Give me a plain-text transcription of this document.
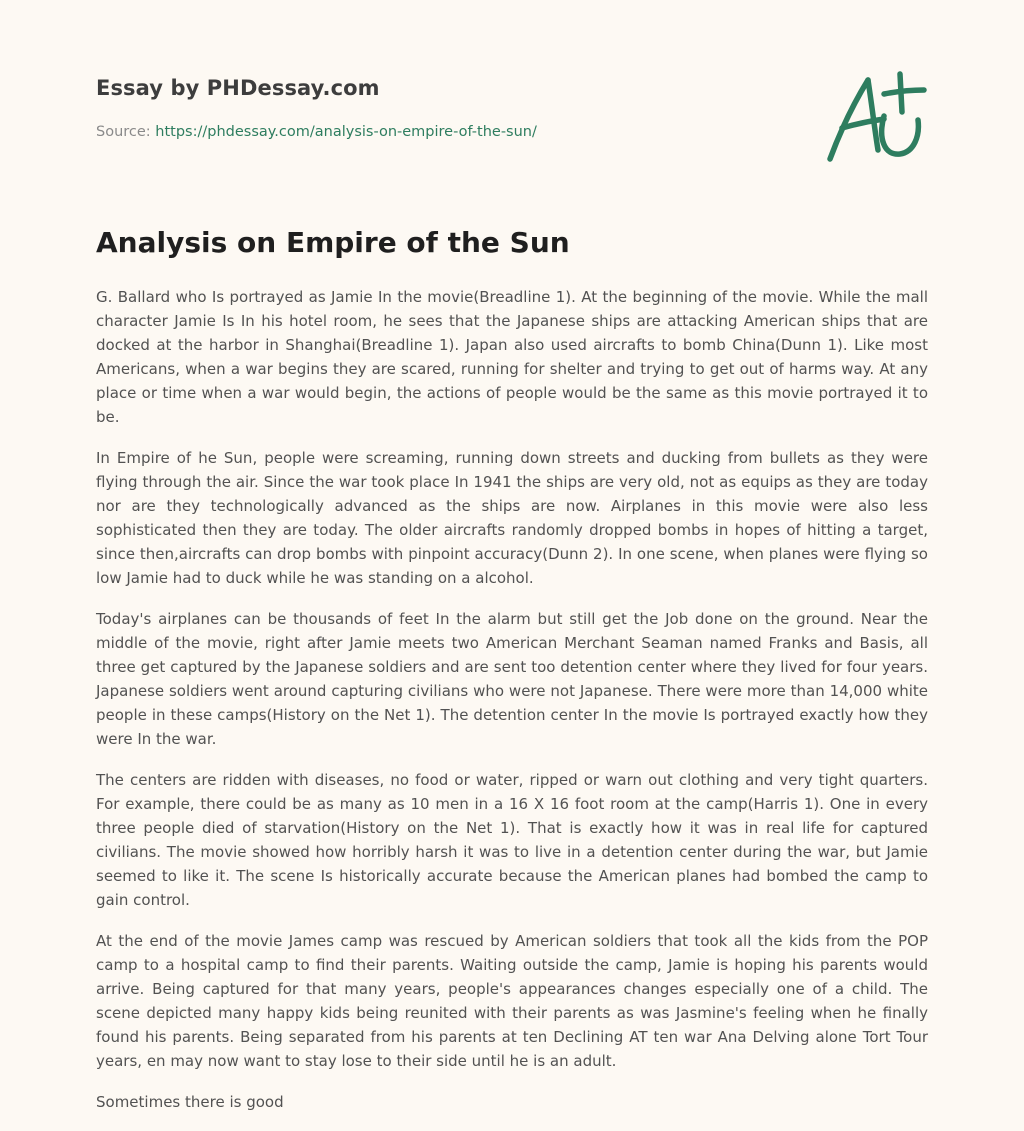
Essay by PHDessay.com

Source: https://phdessay.com/analysis-on-empire-of-the-sun/

Analysis on Empire of the Sun

G. Ballard who Is portrayed as Jamie In the movie(Breadline 1). At the beginning of the movie. While the mall character Jamie Is In his hotel room, he sees that the Japanese ships are attacking American ships that are docked at the harbor in Shanghai(Breadline 1). Japan also used aircrafts to bomb China(Dunn 1). Like most Americans, when a war begins they are scared, running for shelter and trying to get out of harms way. At any place or time when a war would begin, the actions of people would be the same as this movie portrayed it to be.

In Empire of he Sun, people were screaming, running down streets and ducking from bullets as they were flying through the air. Since the war took place In 1941 the ships are very old, not as equips as they are today nor are they technologically advanced as the ships are now. Airplanes in this movie were also less sophisticated then they are today. The older aircrafts randomly dropped bombs in hopes of hitting a target, since then,aircrafts can drop bombs with pinpoint accuracy(Dunn 2). In one scene, when planes were flying so low Jamie had to duck while he was standing on a alcohol.

Today's airplanes can be thousands of feet In the alarm but still get the Job done on the ground. Near the middle of the movie, right after Jamie meets two American Merchant Seaman named Franks and Basis, all three get captured by the Japanese soldiers and are sent too detention center where they lived for four years. Japanese soldiers went around capturing civilians who were not Japanese. There were more than 14,000 white people in these camps(History on the Net 1). The detention center In the movie Is portrayed exactly how they were In the war.

The centers are ridden with diseases, no food or water, ripped or warn out clothing and very tight quarters. For example, there could be as many as 10 men in a 16 X 16 foot room at the camp(Harris 1). One in every three people died of starvation(History on the Net 1). That is exactly how it was in real life for captured civilians. The movie showed how horribly harsh it was to live in a detention center during the war, but Jamie seemed to like it. The scene Is historically accurate because the American planes had bombed the camp to gain control.

At the end of the movie James camp was rescued by American soldiers that took all the kids from the POP camp to a hospital camp to find their parents. Waiting outside the camp, Jamie is hoping his parents would arrive. Being captured for that many years, people's appearances changes especially one of a child. The scene depicted many happy kids being reunited with their parents as was Jasmine's feeling when he finally found his parents. Being separated from his parents at ten Declining AT ten war Ana Delving alone Tort Tour years, en may now want to stay lose to their side until he is an adult.

Sometimes there is good
